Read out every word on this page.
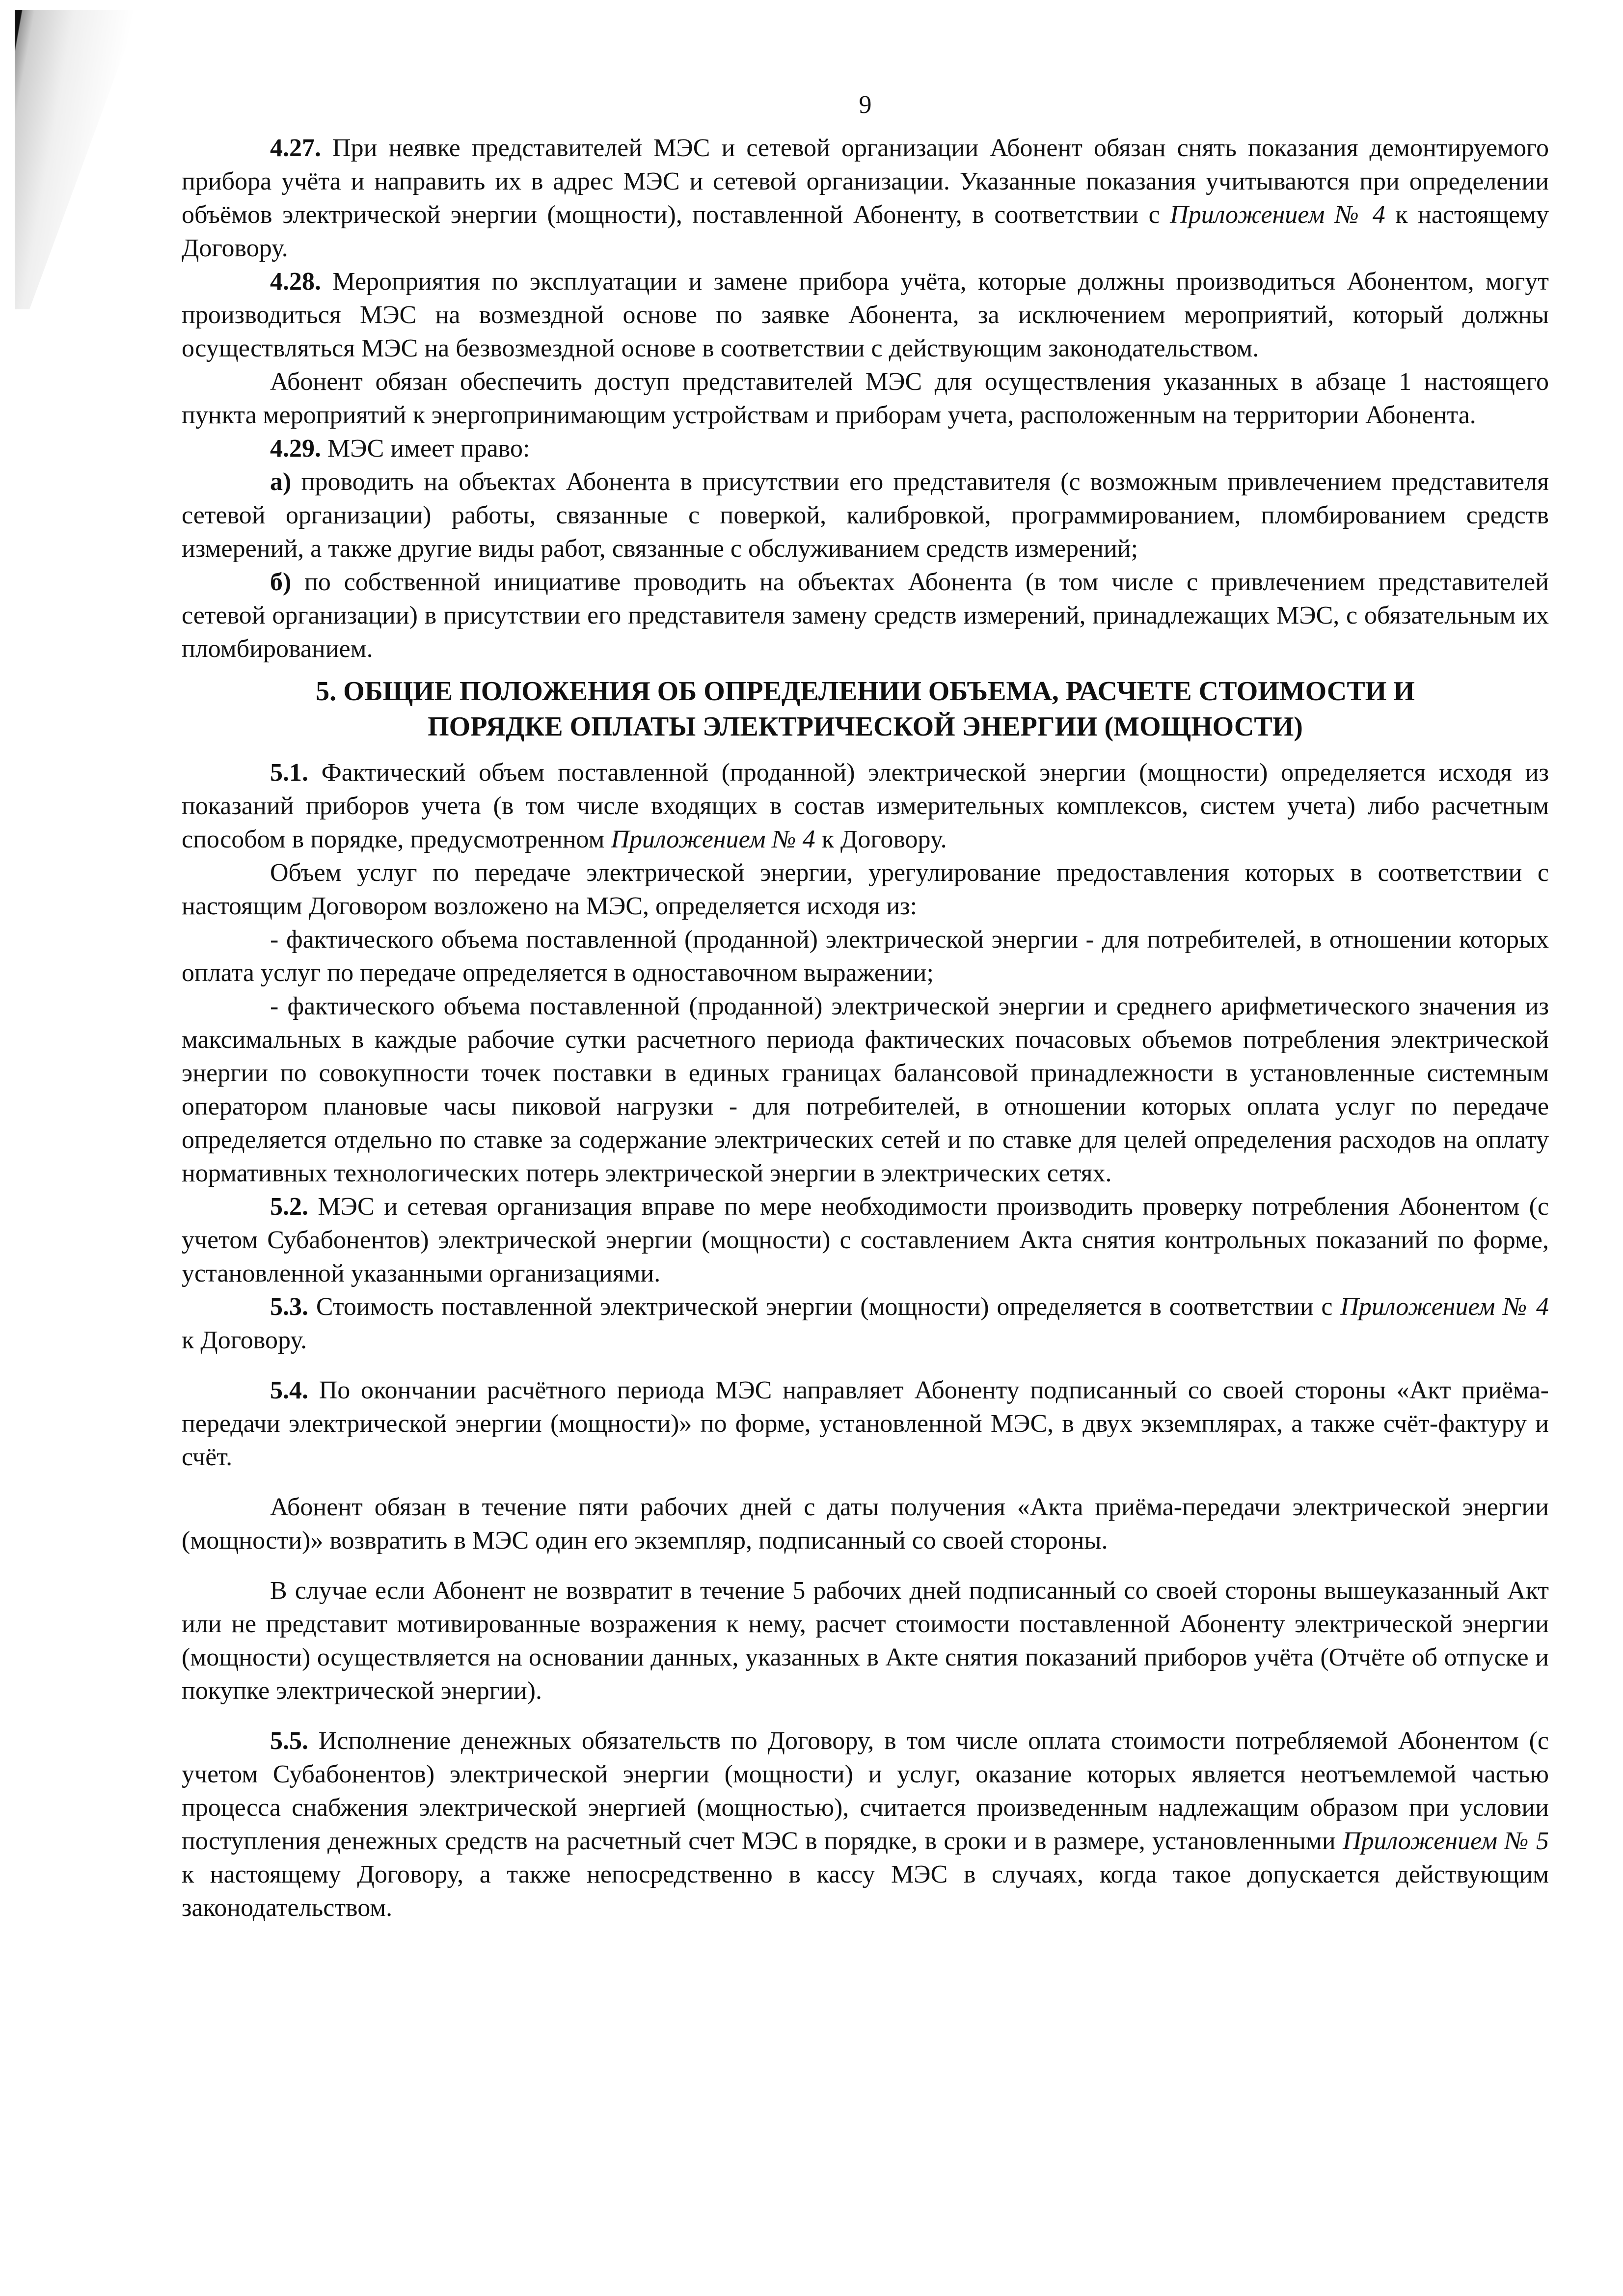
9

4.27. При неявке представителей МЭС и сетевой организации Абонент обязан снять показания демонтируемого прибора учёта и направить их в адрес МЭС и сетевой организации. Указанные показания учитываются при определении объёмов электрической энергии (мощности), поставленной Абоненту, в соответствии с Приложением № 4 к настоящему Договору.

4.28. Мероприятия по эксплуатации и замене прибора учёта, которые должны производиться Абонентом, могут производиться МЭС на возмездной основе по заявке Абонента, за исключением мероприятий, который должны осуществляться МЭС на безвозмездной основе в соответствии с действующим законодательством.

Абонент обязан обеспечить доступ представителей МЭС для осуществления указанных в абзаце 1 настоящего пункта мероприятий к энергопринимающим устройствам и приборам учета, расположенным на территории Абонента.

4.29. МЭС имеет право:

а) проводить на объектах Абонента в присутствии его представителя (с возможным привлечением представителя сетевой организации) работы, связанные с поверкой, калибровкой, программированием, пломбированием средств измерений, а также другие виды работ, связанные с обслуживанием средств измерений;

б) по собственной инициативе проводить на объектах Абонента (в том числе с привлечением представителей сетевой организации) в присутствии его представителя замену средств измерений, принадлежащих МЭС, с обязательным их пломбированием.

5. ОБЩИЕ ПОЛОЖЕНИЯ ОБ ОПРЕДЕЛЕНИИ ОБЪЕМА, РАСЧЕТЕ СТОИМОСТИ И
ПОРЯДКЕ ОПЛАТЫ ЭЛЕКТРИЧЕСКОЙ ЭНЕРГИИ (МОЩНОСТИ)

5.1. Фактический объем поставленной (проданной) электрической энергии (мощности) определяется исходя из показаний приборов учета (в том числе входящих в состав измерительных комплексов, систем учета) либо расчетным способом в порядке, предусмотренном Приложением № 4 к Договору.

Объем услуг по передаче электрической энергии, урегулирование предоставления которых в соответствии с настоящим Договором возложено на МЭС, определяется исходя из:

- фактического объема поставленной (проданной) электрической энергии - для потребителей, в отношении которых оплата услуг по передаче определяется в одноставочном выражении;

- фактического объема поставленной (проданной) электрической энергии и среднего арифметического значения из максимальных в каждые рабочие сутки расчетного периода фактических почасовых объемов потребления электрической энергии по совокупности точек поставки в единых границах балансовой принадлежности в установленные системным оператором плановые часы пиковой нагрузки - для потребителей, в отношении которых оплата услуг по передаче определяется отдельно по ставке за содержание электрических сетей и по ставке для целей определения расходов на оплату нормативных технологических потерь электрической энергии в электрических сетях.

5.2. МЭС и сетевая организация вправе по мере необходимости производить проверку потребления Абонентом (с учетом Субабонентов) электрической энергии (мощности) с составлением Акта снятия контрольных показаний по форме, установленной указанными организациями.

5.3. Стоимость поставленной электрической энергии (мощности) определяется в соответствии с Приложением № 4 к Договору.

5.4. По окончании расчётного периода МЭС направляет Абоненту подписанный со своей стороны «Акт приёма-передачи электрической энергии (мощности)» по форме, установленной МЭС, в двух экземплярах, а также счёт-фактуру и счёт.

Абонент обязан в течение пяти рабочих дней с даты получения «Акта приёма-передачи электрической энергии (мощности)» возвратить в МЭС один его экземпляр, подписанный со своей стороны.

В случае если Абонент не возвратит в течение 5 рабочих дней подписанный со своей стороны вышеуказанный Акт или не представит мотивированные возражения к нему, расчет стоимости поставленной Абоненту электрической энергии (мощности) осуществляется на основании данных, указанных в Акте снятия показаний приборов учёта (Отчёте об отпуске и покупке электрической энергии).

5.5. Исполнение денежных обязательств по Договору, в том числе оплата стоимости потребляемой Абонентом (с учетом Субабонентов) электрической энергии (мощности) и услуг, оказание которых является неотъемлемой частью процесса снабжения электрической энергией (мощностью), считается произведенным надлежащим образом при условии поступления денежных средств на расчетный счет МЭС в порядке, в сроки и в размере, установленными Приложением № 5 к настоящему Договору, а также непосредственно в кассу МЭС в случаях, когда такое допускается действующим законодательством.
